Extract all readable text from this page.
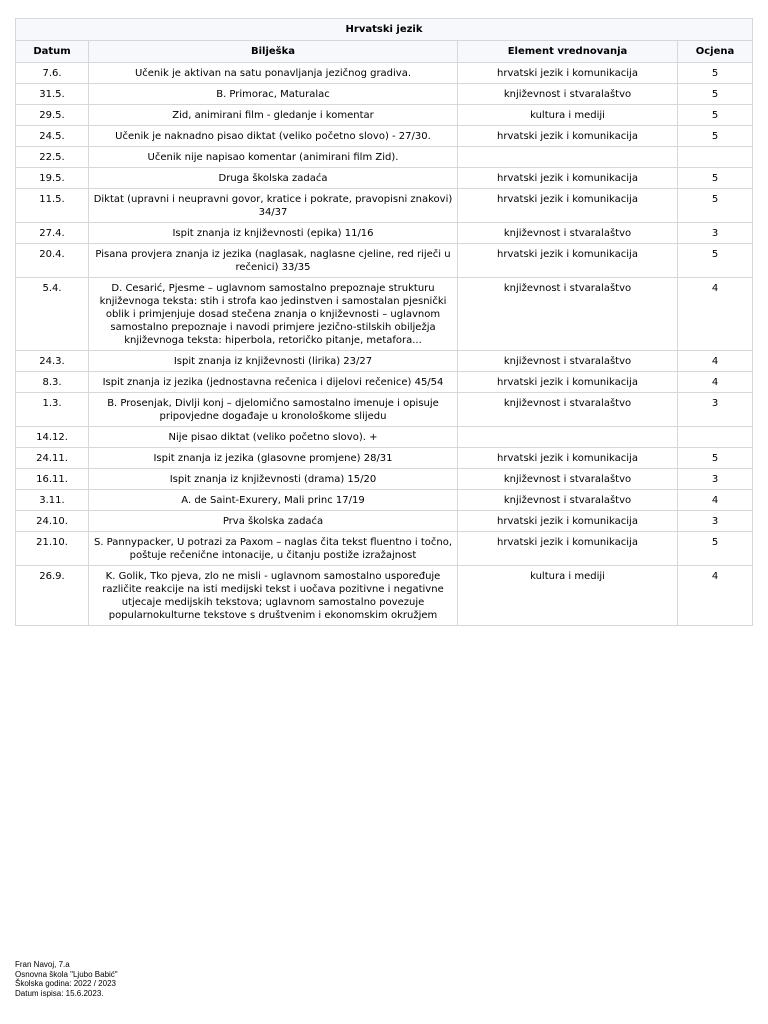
Hrvatski jezik			
Datum	Bilješka	Element vrednovanja	Ocjena
7.6.	Učenik je aktivan na satu ponavljanja jezičnog gradiva.	hrvatski jezik i komunikacija	5
31.5.	B. Primorac, Maturalac	književnost i stvaralaštvo	5
29.5.	Zid, animirani film - gledanje i komentar	kultura i mediji	5
24.5.	Učenik je naknadno pisao diktat (veliko početno slovo) - 27/30.	hrvatski jezik i komunikacija	5
22.5.	Učenik nije napisao komentar (animirani film Zid).		
19.5.	Druga školska zadaća	hrvatski jezik i komunikacija	5
11.5.	Diktat (upravni i neupravni govor, kratice i pokrate, pravopisni znakovi) 34/37	hrvatski jezik i komunikacija	5
27.4.	Ispit znanja iz književnosti (epika) 11/16	književnost i stvaralaštvo	3
20.4.	Pisana provjera znanja iz jezika (naglasak, naglasne cjeline, red riječi u rečenici) 33/35	hrvatski jezik i komunikacija	5
5.4.	D. Cesarić, Pjesme – uglavnom samostalno prepoznaje strukturu književnoga teksta: stih i strofa kao jedinstven i samostalan pjesnički oblik i primjenjuje dosad stečena znanja o književnosti – uglavnom samostalno prepoznaje i navodi primjere jezično-stilskih obilježja književnoga teksta: hiperbola, retoričko pitanje, metafora...	književnost i stvaralaštvo	4
24.3.	Ispit znanja iz književnosti (lirika) 23/27	književnost i stvaralaštvo	4
8.3.	Ispit znanja iz jezika (jednostavna rečenica i dijelovi rečenice) 45/54	hrvatski jezik i komunikacija	4
1.3.	B. Prosenjak, Divlji konj – djelomično samostalno imenuje i opisuje pripovjedne događaje u kronološkome slijedu	književnost i stvaralaštvo	3
14.12.	Nije pisao diktat (veliko početno slovo). +		
24.11.	Ispit znanja iz jezika (glasovne promjene) 28/31	hrvatski jezik i komunikacija	5
16.11.	Ispit znanja iz književnosti (drama) 15/20	književnost i stvaralaštvo	3
3.11.	A. de Saint-Exurery, Mali princ 17/19	književnost i stvaralaštvo	4
24.10.	Prva školska zadaća	hrvatski jezik i komunikacija	3
21.10.	S. Pannypacker, U potrazi za Paxom – naglas čita tekst fluentno i točno, poštuje rečenične intonacije, u čitanju postiže izražajnost	hrvatski jezik i komunikacija	5
26.9.	K. Golik, Tko pjeva, zlo ne misli - uglavnom samostalno uspoređuje različite reakcije na isti medijski tekst i uočava pozitivne i negativne utjecaje medijskih tekstova; uglavnom samostalno povezuje popularnokulturne tekstove s društvenim i ekonomskim okružjem	kultura i mediji	4
Fran Navoj, 7.a
Osnovna škola "Ljubo Babić"
Školska godina: 2022 / 2023
Datum ispisa: 15.6.2023.
